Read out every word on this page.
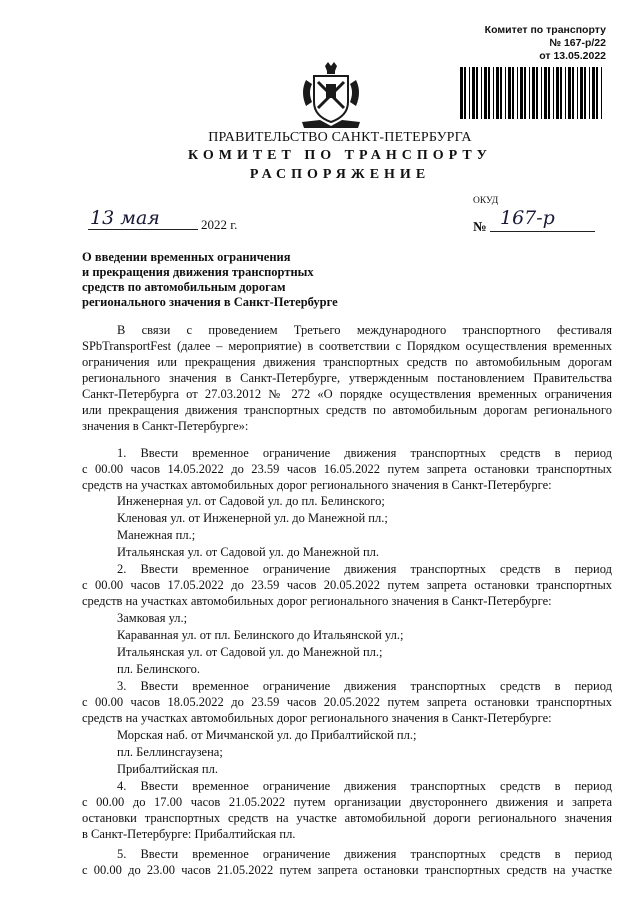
Комитет по транспорту
№ 167-р/22
от 13.05.2022
ПРАВИТЕЛЬСТВО САНКТ-ПЕТЕРБУРГА
КОМИТЕТ ПО ТРАНСПОРТУ
РАСПОРЯЖЕНИЕ
ОКУД
13 мая	2022 г.	№ 167-р
О введении временных ограничения
и прекращения движения транспортных
средств по автомобильным дорогам
регионального значения в Санкт-Петербурге
В связи с проведением Третьего международного транспортного фестиваля
SPbTransportFest (далее – мероприятие) в соответствии с Порядком осуществления временных
ограничения или прекращения движения транспортных средств по автомобильным дорогам
регионального значения в Санкт-Петербурге, утвержденным постановлением Правительства
Санкт-Петербурга от 27.03.2012 № 272 «О порядке осуществления временных ограничения
или прекращения движения транспортных средств по автомобильным дорогам регионального
значения в Санкт-Петербурге»:
1. Ввести временное ограничение движения транспортных средств в период
с 00.00 часов 14.05.2022 до 23.59 часов 16.05.2022 путем запрета остановки транспортных
средств на участках автомобильных дорог регионального значения в Санкт-Петербурге:
Инженерная ул. от Садовой ул. до пл. Белинского;
Кленовая ул. от Инженерной ул. до Манежной пл.;
Манежная пл.;
Итальянская ул. от Садовой ул. до Манежной пл.
2. Ввести временное ограничение движения транспортных средств в период
с 00.00 часов 17.05.2022 до 23.59 часов 20.05.2022 путем запрета остановки транспортных
средств на участках автомобильных дорог регионального значения в Санкт-Петербурге:
Замковая ул.;
Караванная ул. от пл. Белинского до Итальянской ул.;
Итальянская ул. от Садовой ул. до Манежной пл.;
пл. Белинского.
3. Ввести временное ограничение движения транспортных средств в период
с 00.00 часов 18.05.2022 до 23.59 часов 20.05.2022 путем запрета остановки транспортных
средств на участках автомобильных дорог регионального значения в Санкт-Петербурге:
Морская наб. от Мичманской ул. до Прибалтийской пл.;
пл. Беллинсгаузена;
Прибалтийская пл.
4. Ввести временное ограничение движения транспортных средств в период
с 00.00 до 17.00 часов 21.05.2022 путем организации двустороннего движения и запрета
остановки транспортных средств на участке автомобильной дороги регионального значения
в Санкт-Петербурге: Прибалтийская пл.
5. Ввести временное ограничение движения транспортных средств в период
с 00.00 до 23.00 часов 21.05.2022 путем запрета остановки транспортных средств на участке
